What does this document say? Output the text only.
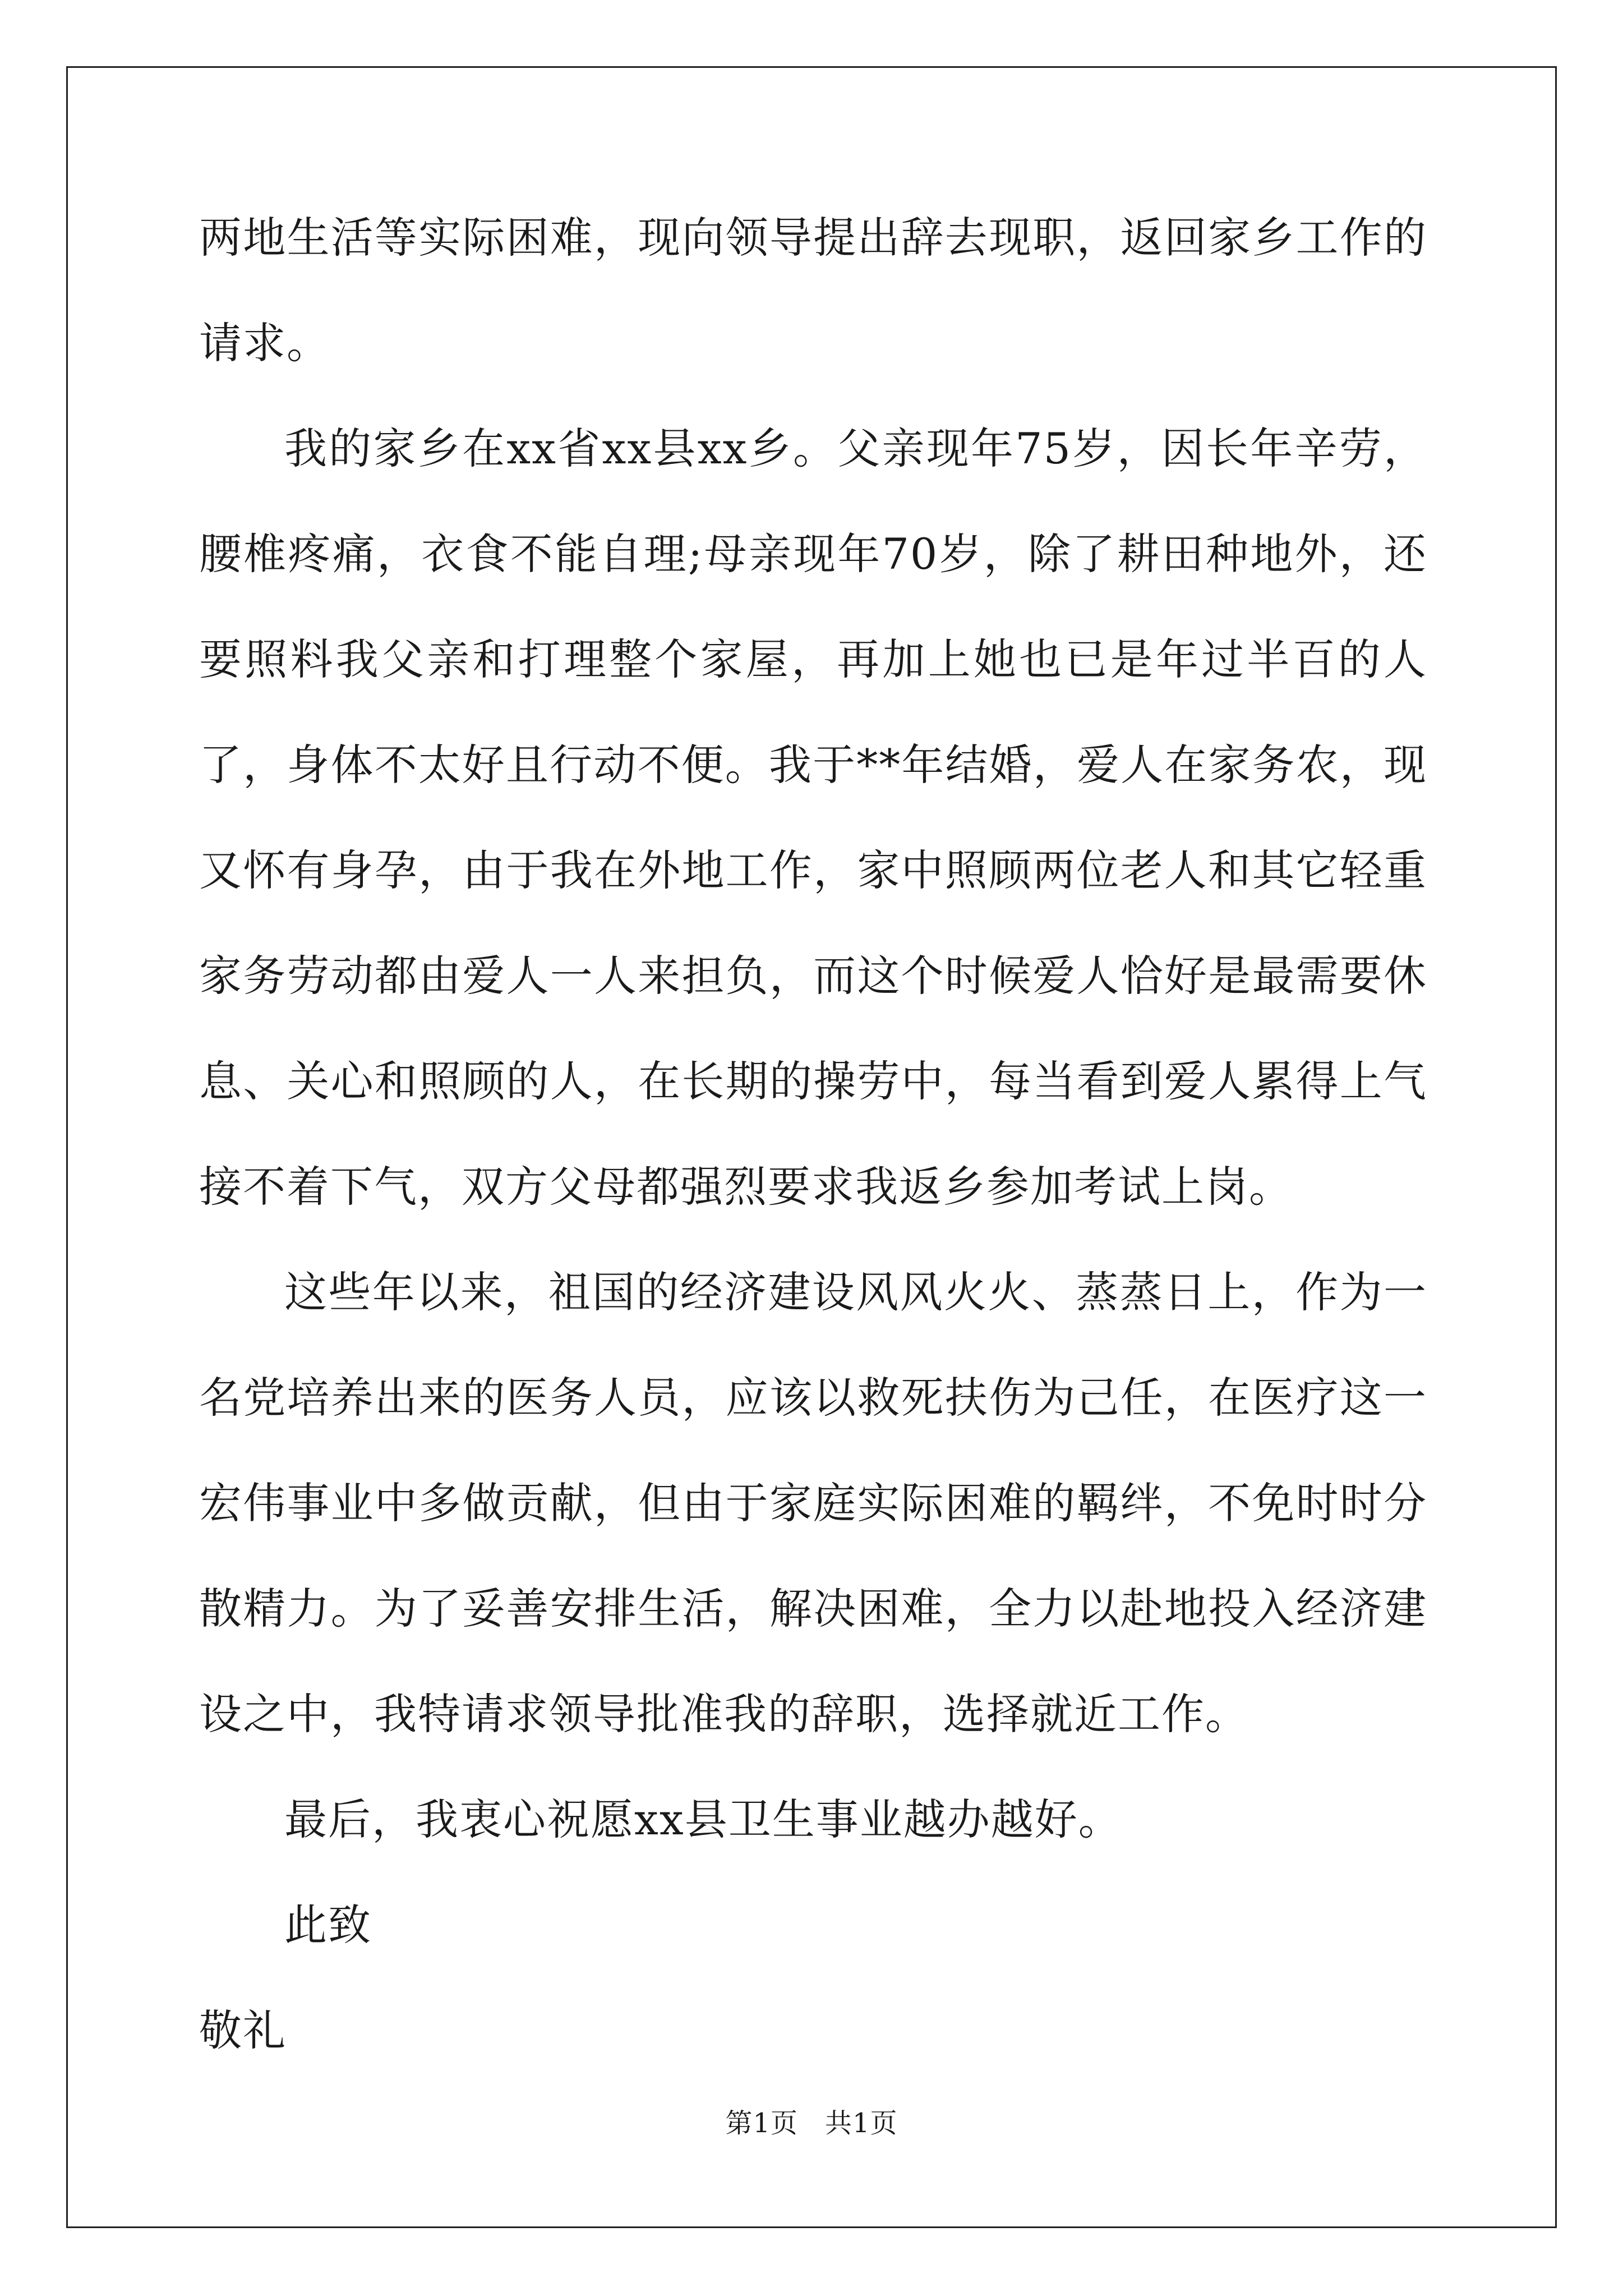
两地生活等实际困难，现向领导提出辞去现职，返回家乡工作的请求。

我的家乡在xx省xx县xx乡。父亲现年75岁，因长年辛劳，腰椎疼痛，衣食不能自理;母亲现年70岁，除了耕田种地外，还要照料我父亲和打理整个家屋，再加上她也已是年过半百的人了，身体不太好且行动不便。我于**年结婚，爱人在家务农，现又怀有身孕，由于我在外地工作，家中照顾两位老人和其它轻重家务劳动都由爱人一人来担负，而这个时候爱人恰好是最需要休息、关心和照顾的人，在长期的操劳中，每当看到爱人累得上气接不着下气，双方父母都强烈要求我返乡参加考试上岗。

这些年以来，祖国的经济建设风风火火、蒸蒸日上，作为一名党培养出来的医务人员，应该以救死扶伤为己任，在医疗这一宏伟事业中多做贡献，但由于家庭实际困难的羁绊，不免时时分散精力。为了妥善安排生活，解决困难，全力以赴地投入经济建设之中，我特请求领导批准我的辞职，选择就近工作。

最后，我衷心祝愿xx县卫生事业越办越好。

此致

敬礼

第1页 共1页
